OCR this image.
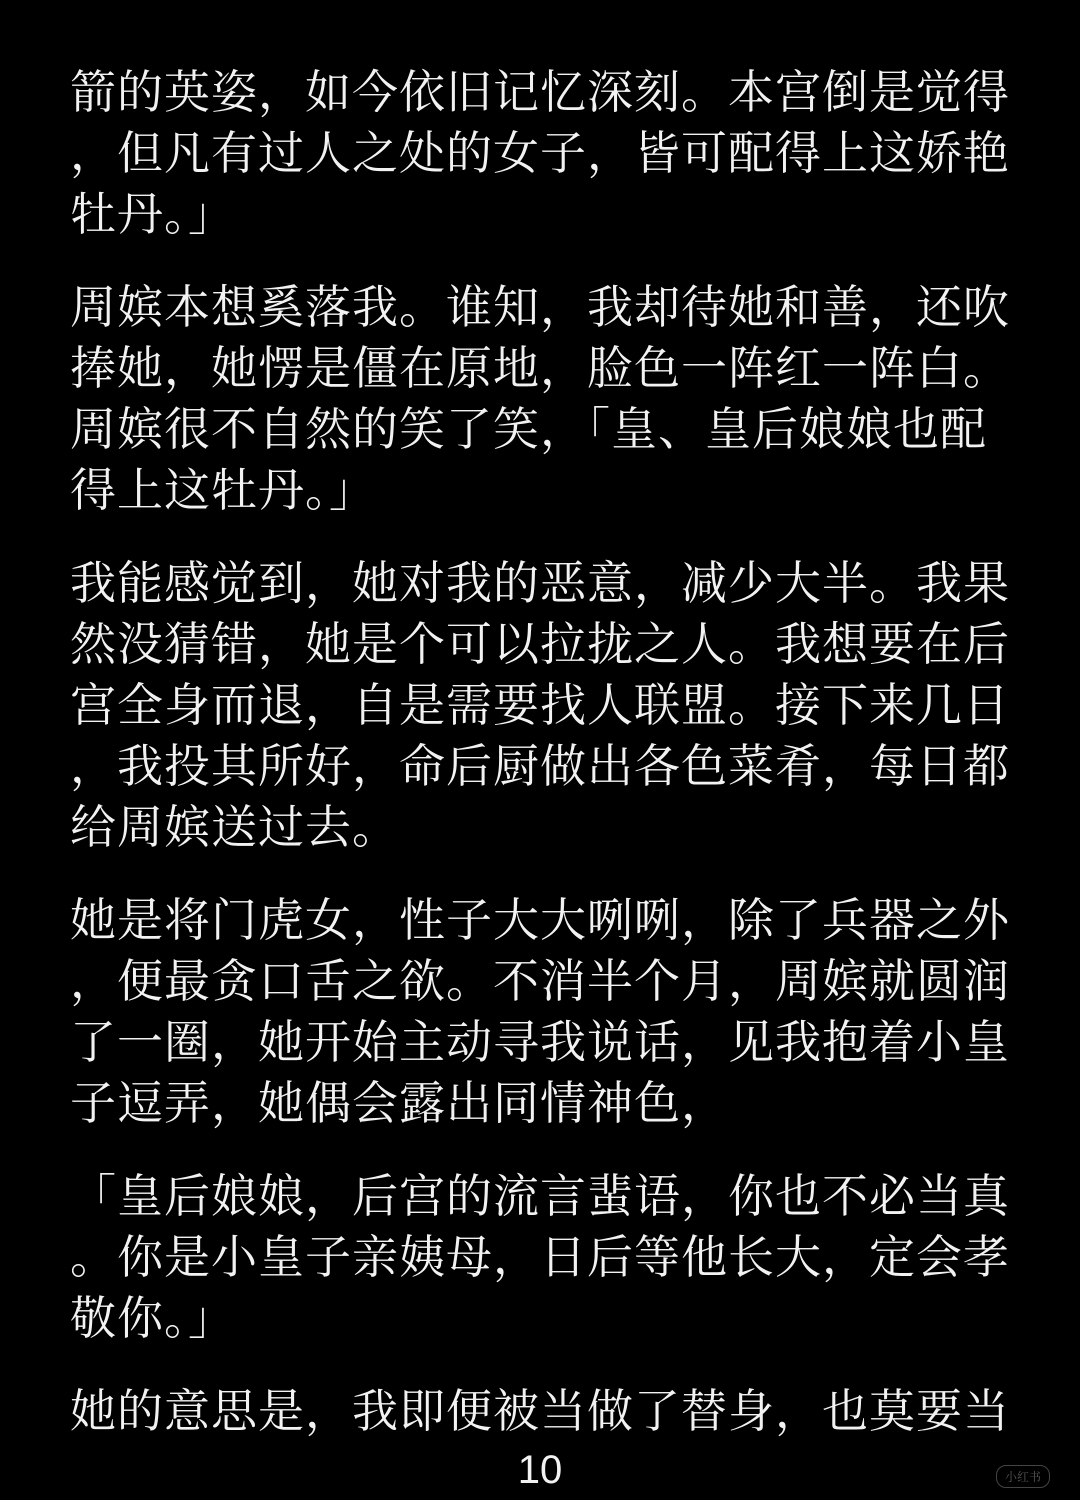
箭的英姿，如今依旧记忆深刻。本宫倒是觉得
，但凡有过人之处的女子，皆可配得上这娇艳
牡丹。」

周嫔本想奚落我。谁知，我却待她和善，还吹
捧她，她愣是僵在原地，脸色一阵红一阵白。
周嫔很不自然的笑了笑，「皇、皇后娘娘也配
得上这牡丹。」

我能感觉到，她对我的恶意，减少大半。我果
然没猜错，她是个可以拉拢之人。我想要在后
宫全身而退，自是需要找人联盟。接下来几日
，我投其所好，命后厨做出各色菜肴，每日都
给周嫔送过去。

她是将门虎女，性子大大咧咧，除了兵器之外
，便最贪口舌之欲。不消半个月，周嫔就圆润
了一圈，她开始主动寻我说话，见我抱着小皇
子逗弄，她偶会露出同情神色，

「皇后娘娘，后宫的流言蜚语，你也不必当真
。你是小皇子亲姨母，日后等他长大，定会孝
敬你。」

她的意思是，我即便被当做了替身，也莫要当

10	小红书
